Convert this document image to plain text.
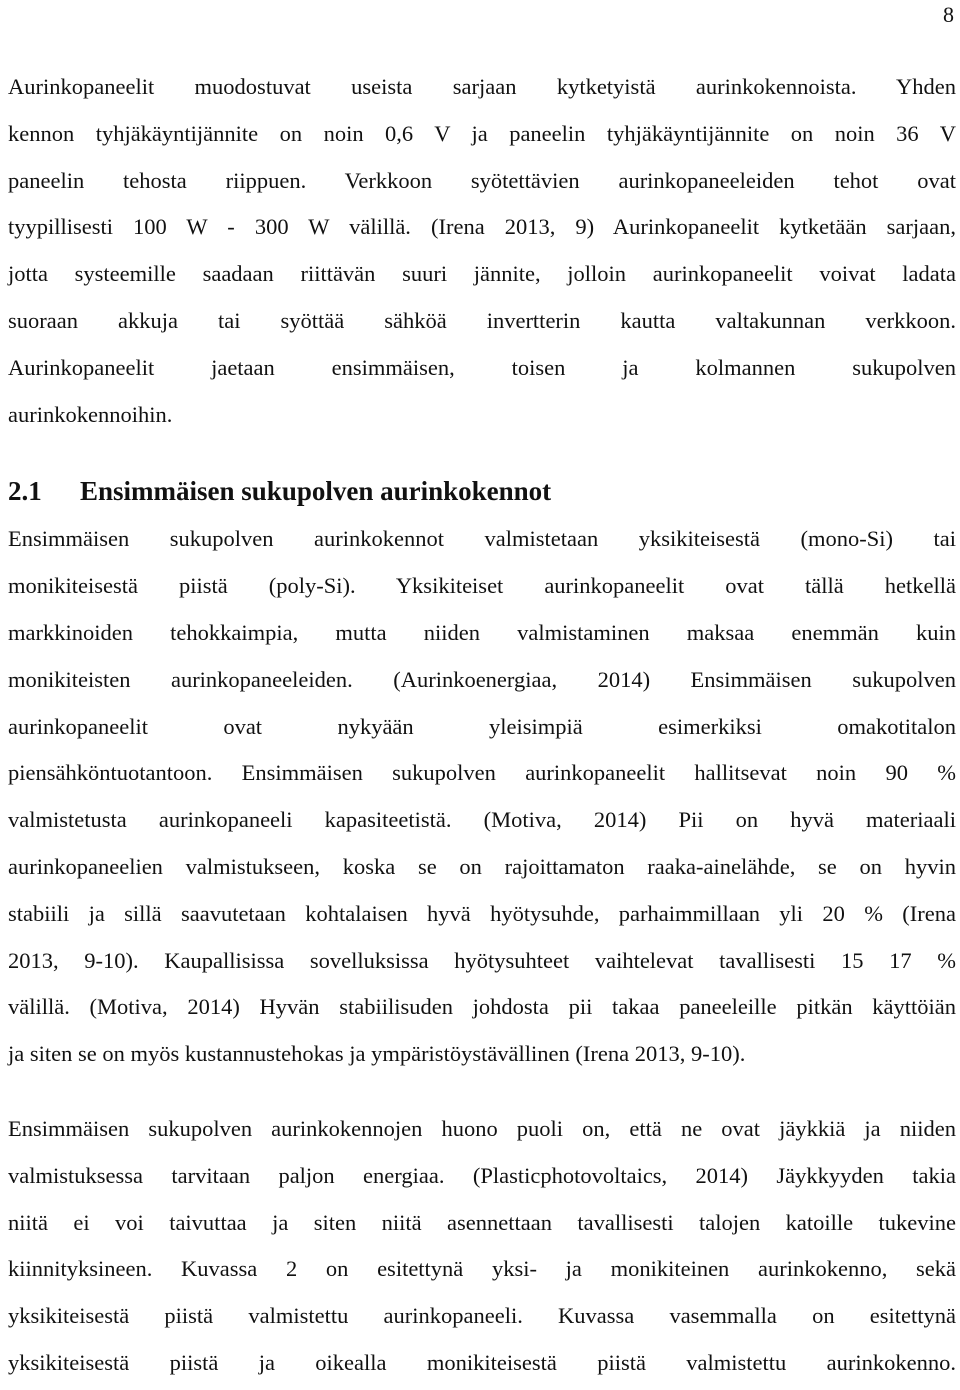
8
Aurinkopaneelit muodostuvat useista sarjaan kytketyistä aurinkokennoista. Yhden
kennon tyhjäkäyntijännite on noin 0,6 V ja paneelin tyhjäkäyntijännite on noin 36 V
paneelin tehosta riippuen. Verkkoon syötettävien aurinkopaneeleiden tehot ovat
tyypillisesti 100 W - 300 W välillä. (Irena 2013, 9) Aurinkopaneelit kytketään sarjaan,
jotta systeemille saadaan riittävän suuri jännite, jolloin aurinkopaneelit voivat ladata
suoraan akkuja tai syöttää sähköä invertterin kautta valtakunnan verkkoon.
Aurinkopaneelit jaetaan ensimmäisen, toisen ja kolmannen sukupolven
aurinkokennoihin.
2.1 Ensimmäisen sukupolven aurinkokennot
Ensimmäisen sukupolven aurinkokennot valmistetaan yksikiteisestä (mono-Si) tai
monikiteisestä piistä (poly-Si). Yksikiteiset aurinkopaneelit ovat tällä hetkellä
markkinoiden tehokkaimpia, mutta niiden valmistaminen maksaa enemmän kuin
monikiteisten aurinkopaneeleiden. (Aurinkoenergiaa, 2014) Ensimmäisen sukupolven
aurinkopaneelit ovat nykyään yleisimpiä esimerkiksi omakotitalon
piensähköntuotantoon. Ensimmäisen sukupolven aurinkopaneelit hallitsevat noin 90 %
valmistetusta aurinkopaneeli kapasiteetistä. (Motiva, 2014) Pii on hyvä materiaali
aurinkopaneelien valmistukseen, koska se on rajoittamaton raaka-ainelähde, se on hyvin
stabiili ja sillä saavutetaan kohtalaisen hyvä hyötysuhde, parhaimmillaan yli 20 % (Irena
2013, 9-10). Kaupallisissa sovelluksissa hyötysuhteet vaihtelevat tavallisesti 15 17 %
välillä. (Motiva, 2014) Hyvän stabiilisuden johdosta pii takaa paneeleille pitkän käyttöiän
ja siten se on myös kustannustehokas ja ympäristöystävällinen (Irena 2013, 9-10).
Ensimmäisen sukupolven aurinkokennojen huono puoli on, että ne ovat jäykkiä ja niiden
valmistuksessa tarvitaan paljon energiaa. (Plasticphotovoltaics, 2014) Jäykkyyden takia
niitä ei voi taivuttaa ja siten niitä asennettaan tavallisesti talojen katoille tukevine
kiinnityksineen. Kuvassa 2 on esitettynä yksi- ja monikiteinen aurinkokenno, sekä
yksikiteisestä piistä valmistettu aurinkopaneeli. Kuvassa vasemmalla on esitettynä
yksikiteisestä piistä ja oikealla monikiteisestä piistä valmistettu aurinkokenno.
